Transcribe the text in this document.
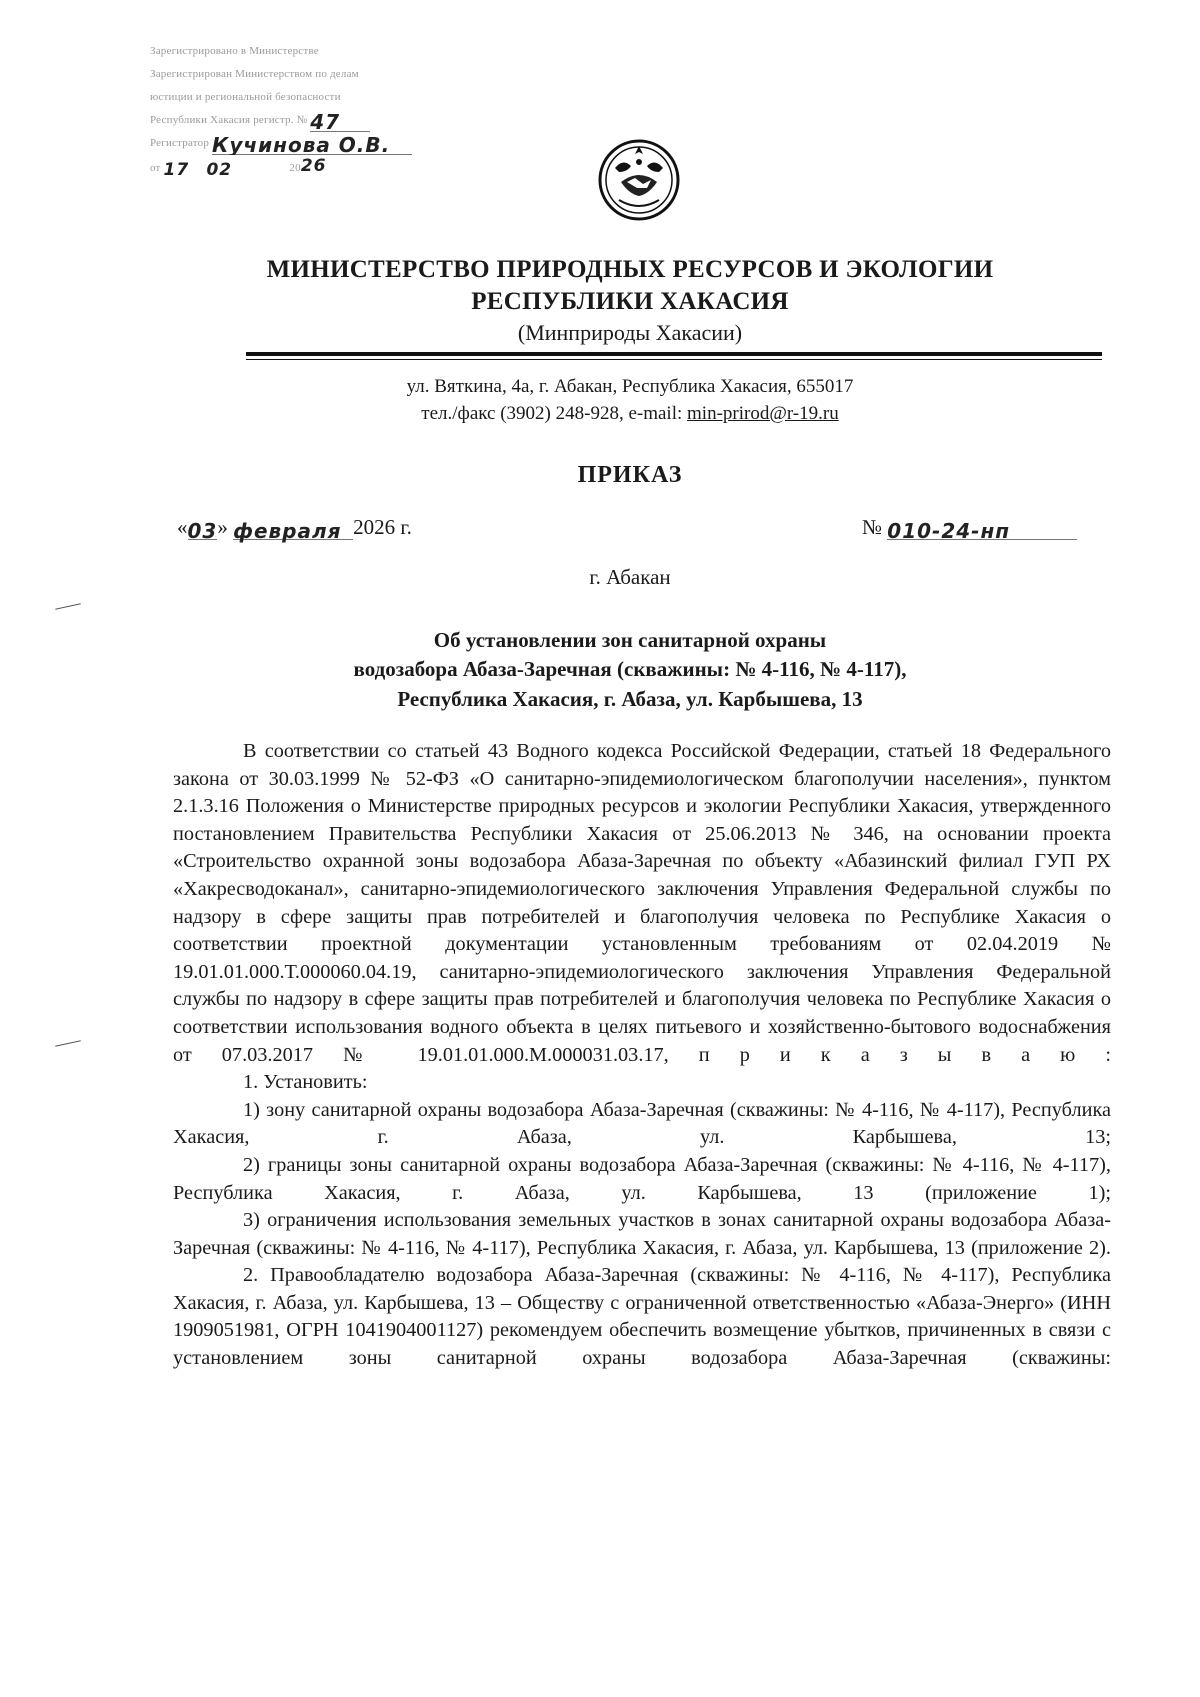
Зарегистрировано в Министерстве
Зарегистрирован Министерством по делам
юстиции и региональной безопасности
Республики Хакасия регистр. № 47
Регистратор Кучинова О.В.
от 17 02	2026
МИНИСТЕРСТВО ПРИРОДНЫХ РЕСУРСОВ И ЭКОЛОГИИ
РЕСПУБЛИКИ ХАКАСИЯ
(Минприроды Хакасии)
ул. Вяткина, 4а, г. Абакан, Республика Хакасия, 655017
тел./факс (3902) 248-928, e-mail: min-prirod@r-19.ru
ПРИКАЗ
«03» февраля 2026 г.	№ 010-24-нп
г. Абакан
Об установлении зон санитарной охраны
водозабора Абаза-Заречная (скважины: № 4-116, № 4-117),
Республика Хакасия, г. Абаза, ул. Карбышева, 13

В соответствии со статьей 43 Водного кодекса Российской Федерации, статьей 18 Федерального закона от 30.03.1999 № 52-ФЗ «О санитарно-эпидемиологическом благополучии населения», пунктом 2.1.3.16 Положения о Министерстве природных ресурсов и экологии Республики Хакасия, утвержденного постановлением Правительства Республики Хакасия от 25.06.2013 № 346, на основании проекта «Строительство охранной зоны водозабора Абаза-Заречная по объекту «Абазинский филиал ГУП РХ «Хакресводоканал», санитарно-эпидемиологического заключения Управления Федеральной службы по надзору в сфере защиты прав потребителей и благополучия человека по Республике Хакасия о соответствии проектной документации установленным требованиям от 02.04.2019 № 19.01.01.000.Т.000060.04.19, санитарно-эпидемиологического заключения Управления Федеральной службы по надзору в сфере защиты прав потребителей и благополучия человека по Республике Хакасия о соответствии использования водного объекта в целях питьевого и хозяйственно-бытового водоснабжения от 07.03.2017 № 19.01.01.000.М.000031.03.17, п р и к а з ы в а ю :

1. Установить:

1) зону санитарной охраны водозабора Абаза-Заречная (скважины: № 4-116, № 4-117), Республика Хакасия, г. Абаза, ул. Карбышева, 13;

2) границы зоны санитарной охраны водозабора Абаза-Заречная (скважины: № 4-116, № 4-117), Республика Хакасия, г. Абаза, ул. Карбышева, 13 (приложение 1);

3) ограничения использования земельных участков в зонах санитарной охраны водозабора Абаза-Заречная (скважины: № 4-116, № 4-117), Республика Хакасия, г. Абаза, ул. Карбышева, 13 (приложение 2).

2. Правообладателю водозабора Абаза-Заречная (скважины: № 4-116, № 4-117), Республика Хакасия, г. Абаза, ул. Карбышева, 13 – Обществу с ограниченной ответственностью «Абаза-Энерго» (ИНН 1909051981, ОГРН 1041904001127) рекомендуем обеспечить возмещение убытков, причиненных в связи с установлением зоны санитарной охраны водозабора Абаза-Заречная (скважины:
